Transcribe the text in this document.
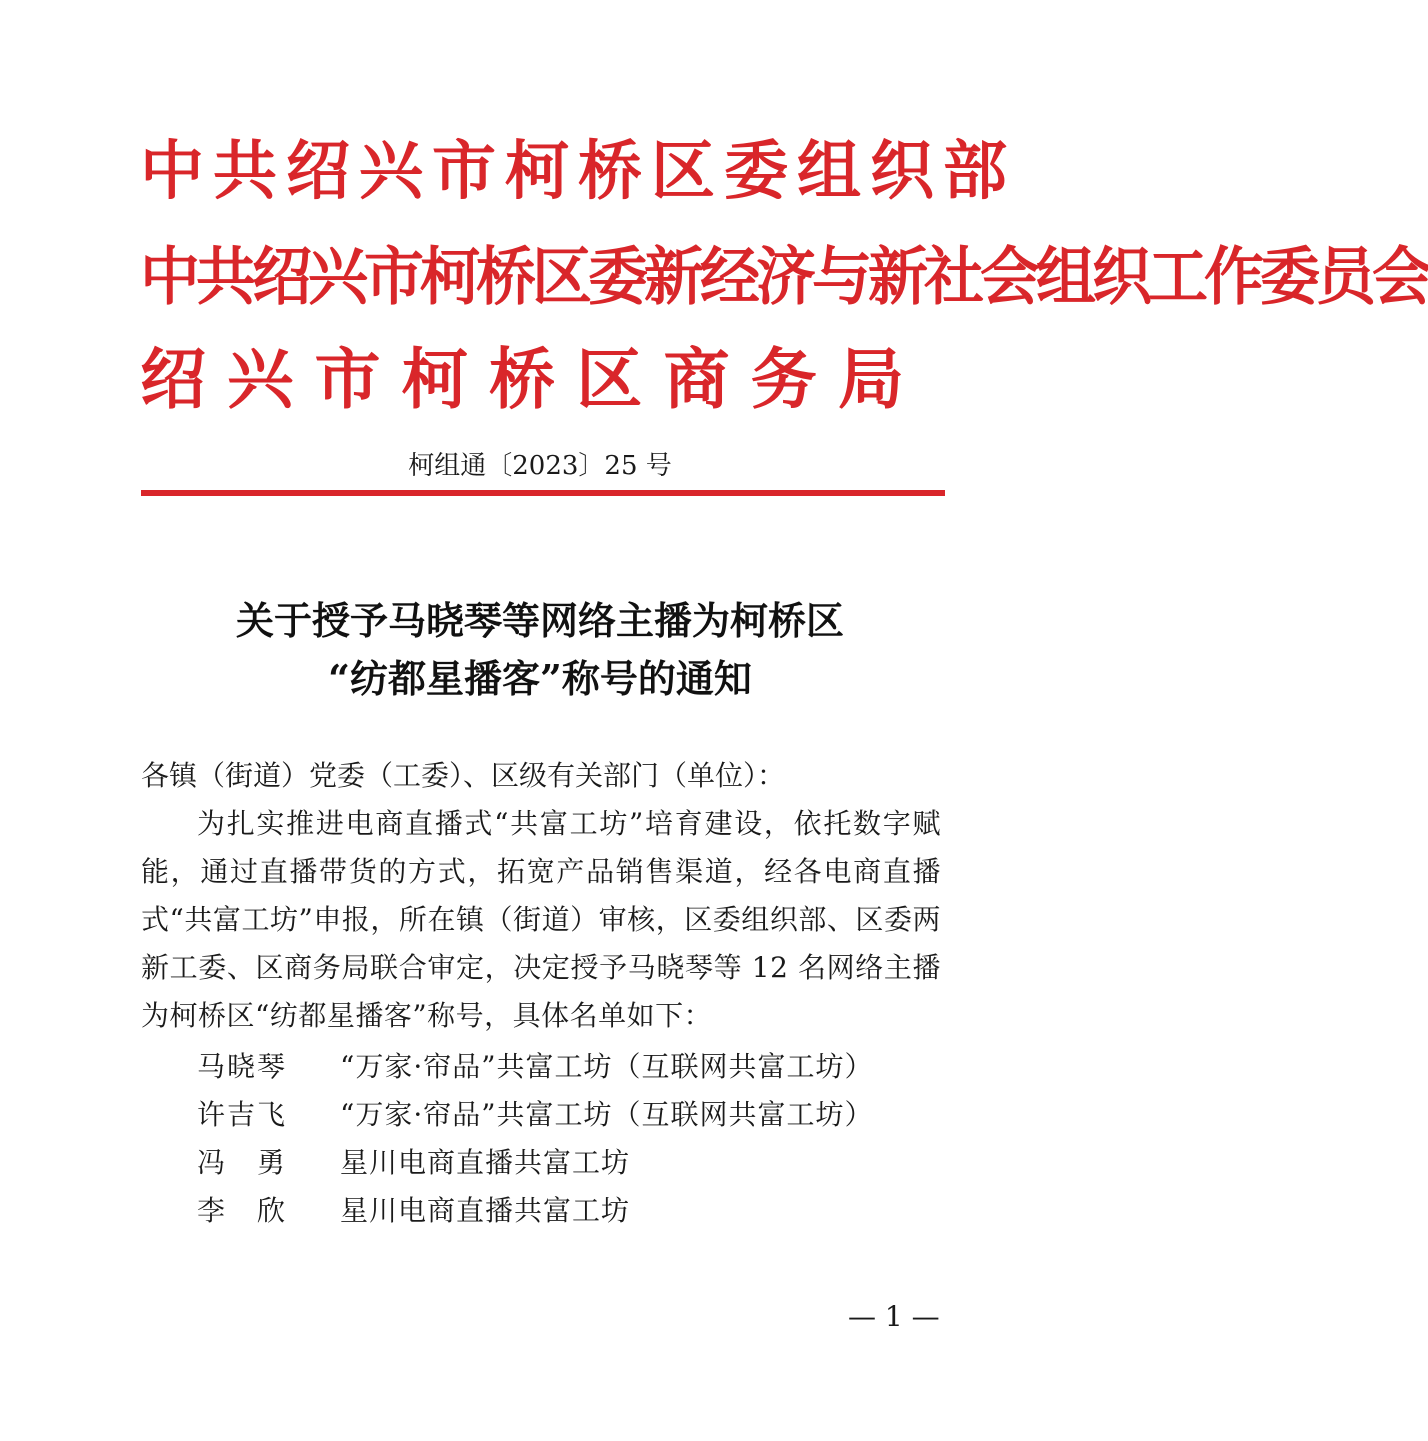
中共绍兴市柯桥区委组织部
中共绍兴市柯桥区委新经济与新社会组织工作委员会
绍兴市柯桥区商务局
柯组通〔2023〕25 号
关于授予马晓琴等网络主播为柯桥区
“纺都星播客”称号的通知
各镇（街道）党委（工委）、区级有关部门（单位）：
为扎实推进电商直播式“共富工坊”培育建设，依托数字赋能，通过直播带货的方式，拓宽产品销售渠道，经各电商直播式“共富工坊”申报，所在镇（街道）审核，区委组织部、区委两新工委、区商务局联合审定，决定授予马晓琴等 12 名网络主播为柯桥区“纺都星播客”称号，具体名单如下：
马晓琴	“万家·帘品”共富工坊（互联网共富工坊）
许吉飞	“万家·帘品”共富工坊（互联网共富工坊）
冯　勇	星川电商直播共富工坊
李　欣	星川电商直播共富工坊
— 1 —
